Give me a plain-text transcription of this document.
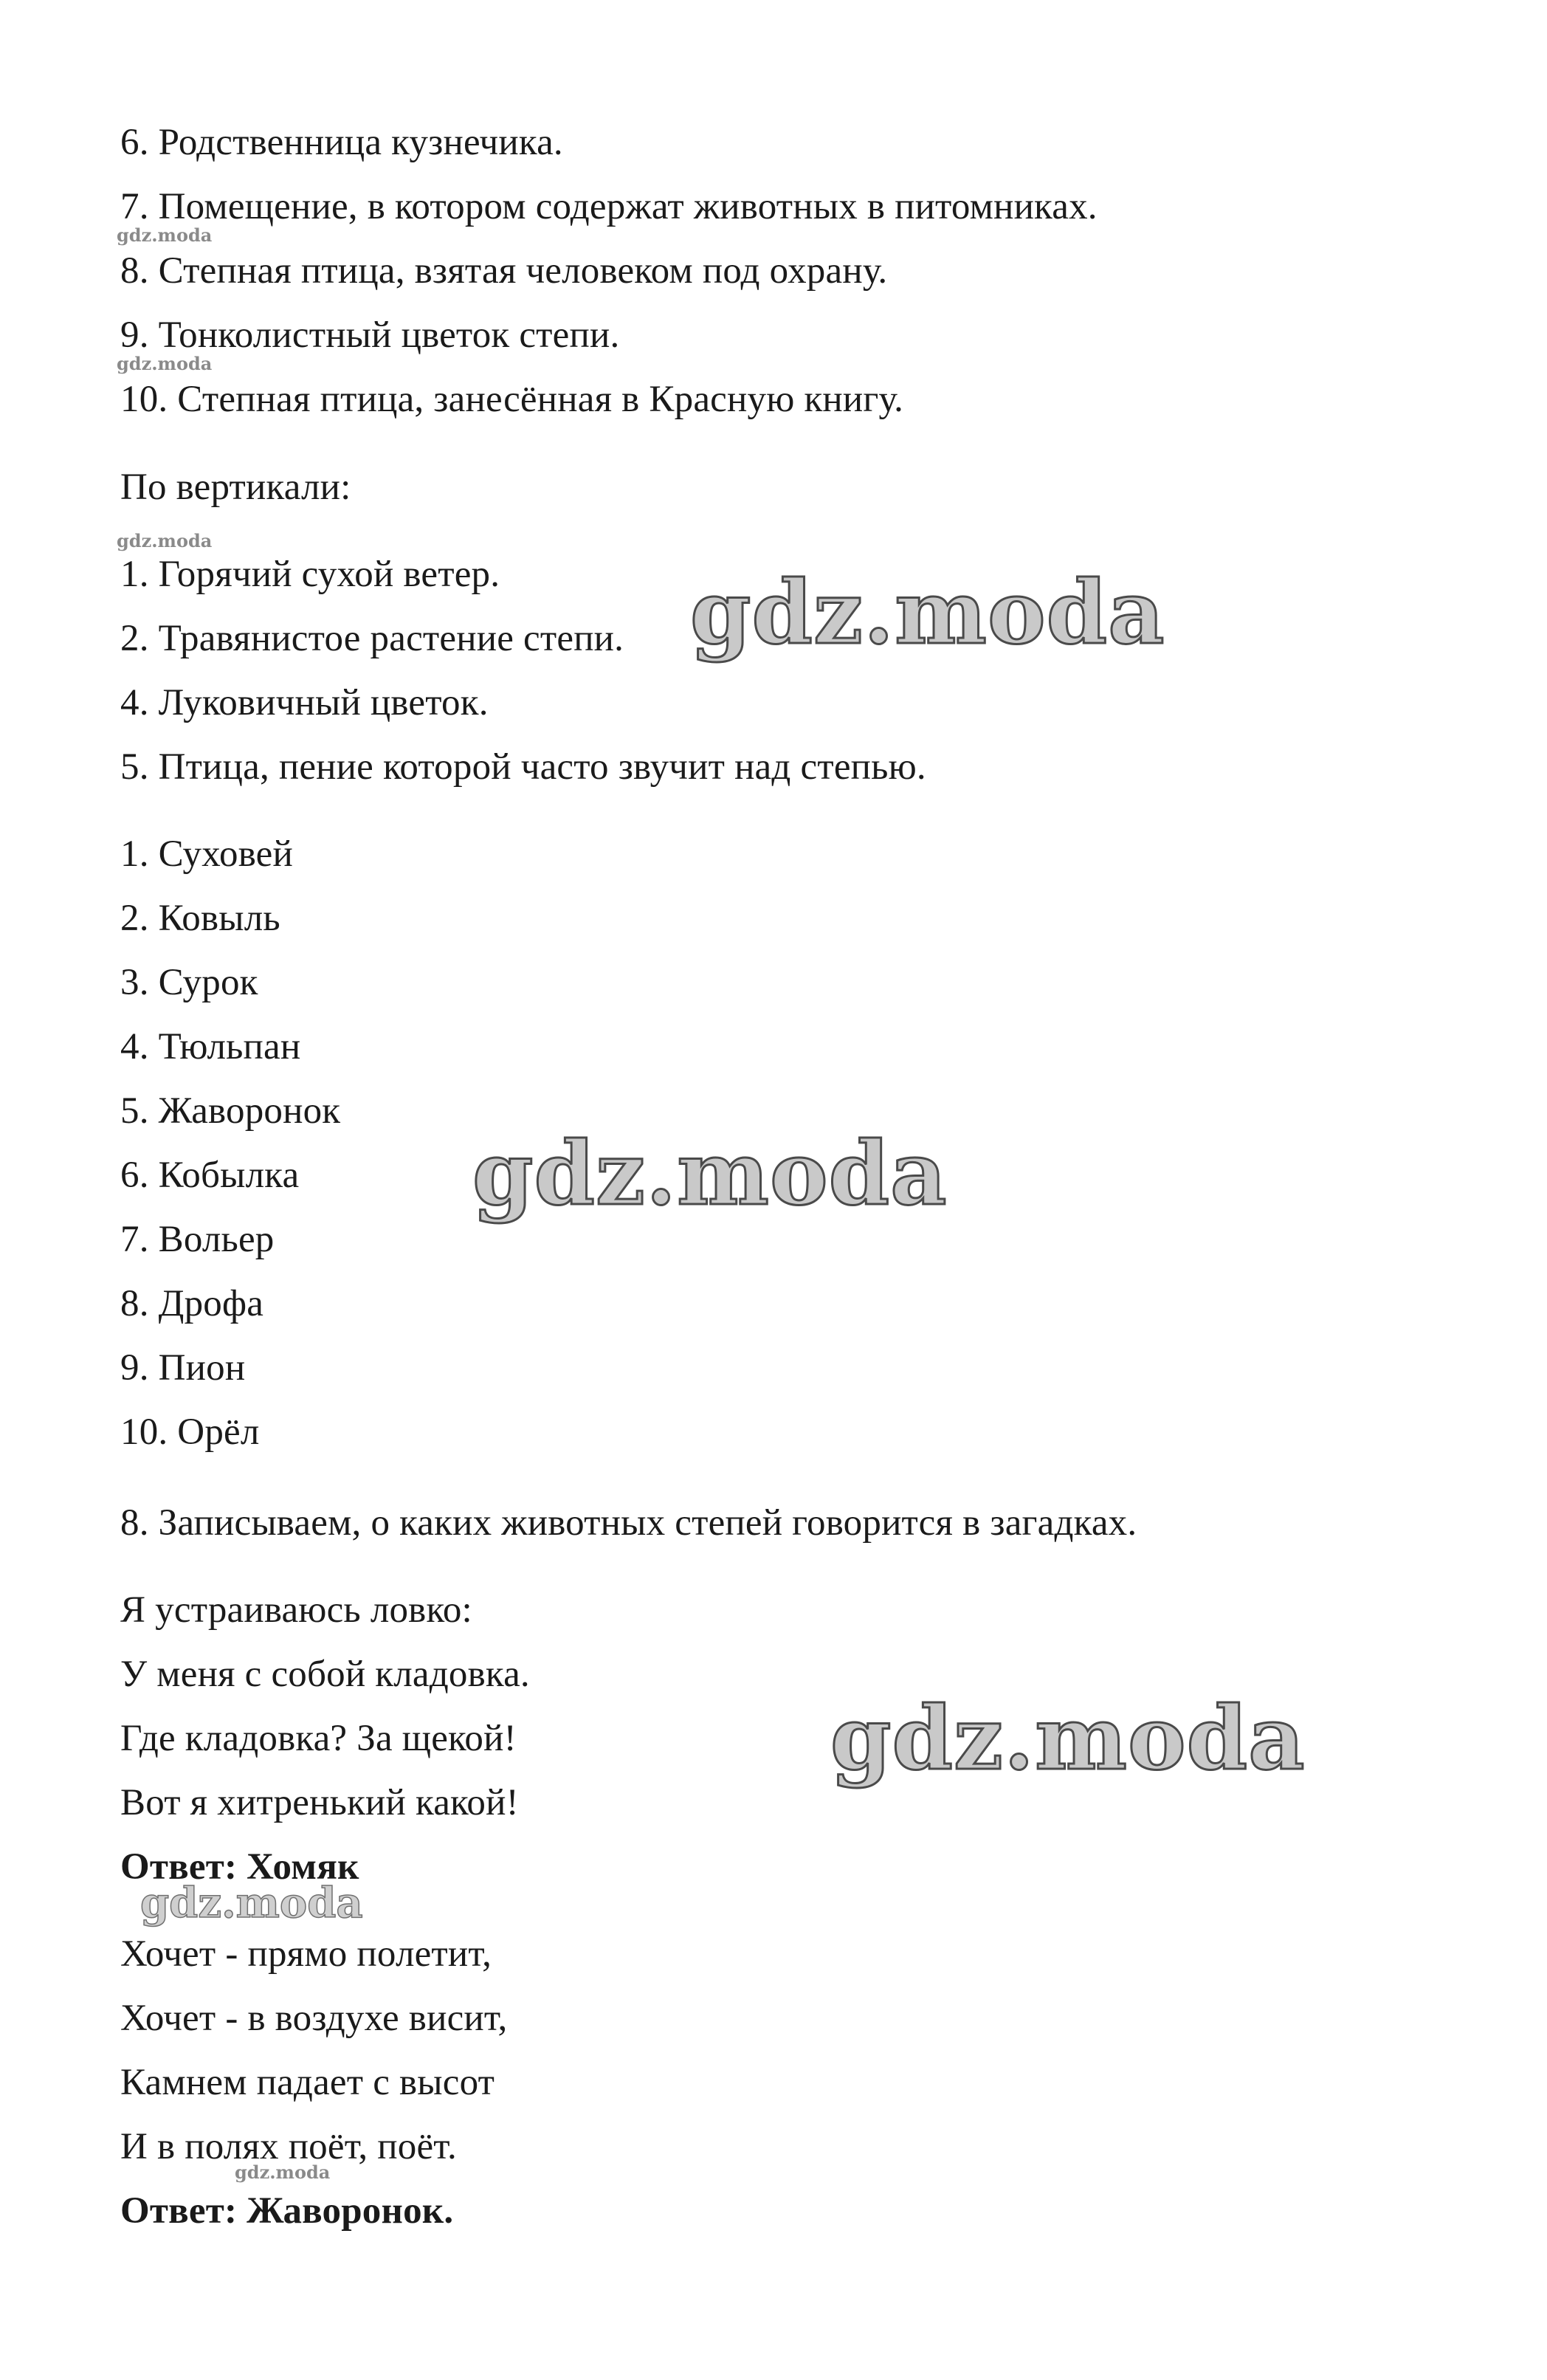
6. Родственница кузнечика.
7. Помещение, в котором содержат животных в питомниках.
8. Степная птица, взятая человеком под охрану.
9. Тонколистный цветок степи.
10. Степная птица, занесённая в Красную книгу.
По вертикали:
1. Горячий сухой ветер.
2. Травянистое растение степи.
4. Луковичный цветок.
5. Птица, пение которой часто звучит над степью.
1. Суховей
2. Ковыль
3. Сурок
4. Тюльпан
5. Жаворонок
6. Кобылка
7. Вольер
8. Дрофа
9. Пион
10. Орёл
8. Записываем, о каких животных степей говорится в загадках.
Я устраиваюсь ловко:
У меня с собой кладовка.
Где кладовка? За щекой!
Вот я хитренький какой!
Ответ: Хомяк
Хочет - прямо полетит,
Хочет - в воздухе висит,
Камнем падает с высот
И в полях поёт, поёт.
Ответ: Жаворонок.
gdz.moda
gdz.moda
gdz.moda
gdz.moda
gdz.moda
gdz.moda
gdz.moda
gdz.moda
